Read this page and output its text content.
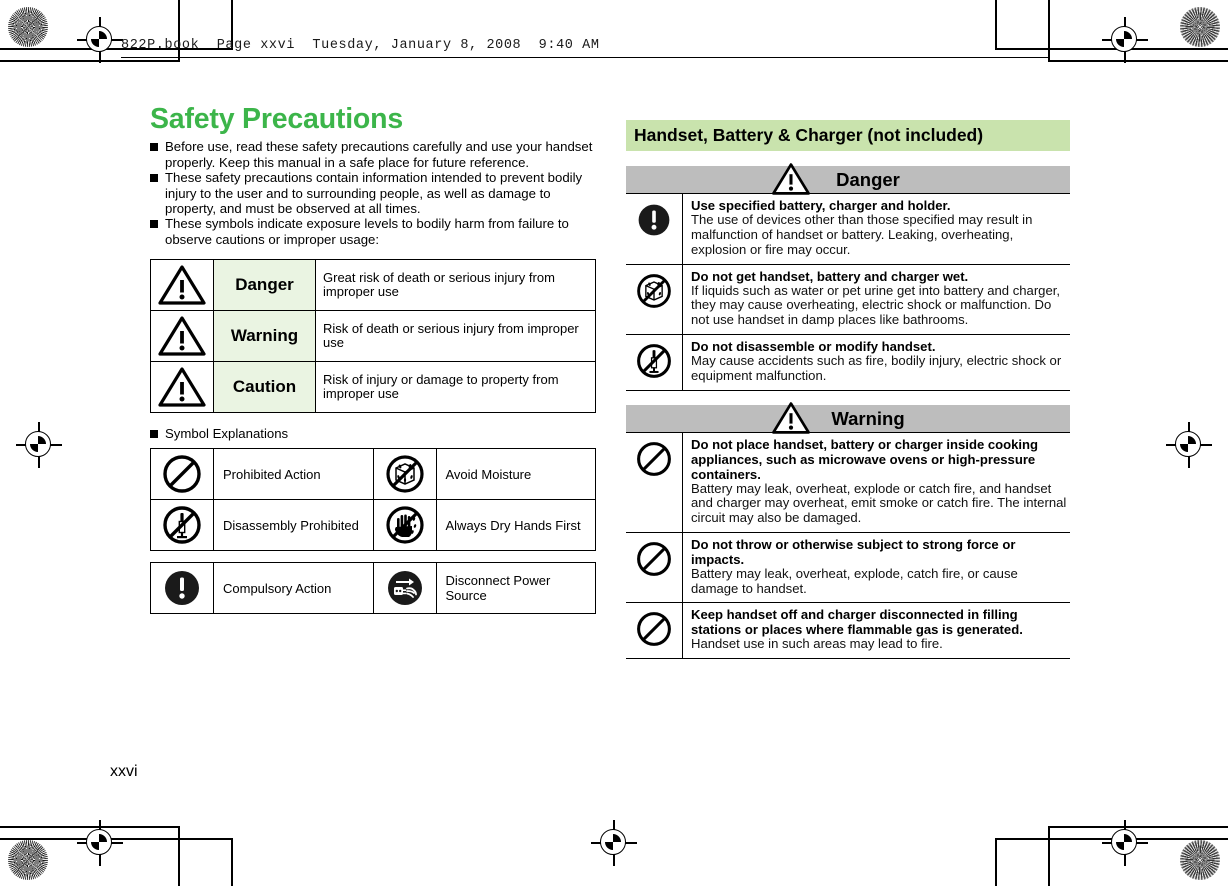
822P.book  Page xxvi  Tuesday, January 8, 2008  9:40 AM
Safety Precautions
Before use, read these safety precautions carefully and use your handset properly. Keep this manual in a safe place for future reference.
These safety precautions contain information intended to prevent bodily injury to the user and to surrounding people, as well as damage to property, and must be observed at all times.
These symbols indicate exposure levels to bodily harm from failure to observe cautions or improper usage:
	Danger	Great risk of death or serious injury from improper use
	Warning	Risk of death or serious injury from improper use
	Caution	Risk of injury or damage to property from improper use
Symbol Explanations
	Prohibited Action		Avoid Moisture
	Disassembly Prohibited		Always Dry Hands First
	Compulsory Action		Disconnect Power Source
Handset, Battery & Charger (not included)
Danger

Use specified battery, charger and holder.
The use of devices other than those specified may result in malfunction of handset or battery. Leaking, overheating, explosion or fire may occur.

Do not get handset, battery and charger wet.
If liquids such as water or pet urine get into battery and charger, they may cause overheating, electric shock or malfunction. Do not use handset in damp places like bathrooms.

Do not disassemble or modify handset.
May cause accidents such as fire, bodily injury, electric shock or equipment malfunction.
Warning

Do not place handset, battery or charger inside cooking appliances, such as microwave ovens or high-pressure containers.
Battery may leak, overheat, explode or catch fire, and handset and charger may overheat, emit smoke or catch fire. The internal circuit may also be damaged.

Do not throw or otherwise subject to strong force or impacts.
Battery may leak, overheat, explode, catch fire, or cause damage to handset.

Keep handset off and charger disconnected in filling stations or places where flammable gas is generated.
Handset use in such areas may lead to fire.
xxvi
